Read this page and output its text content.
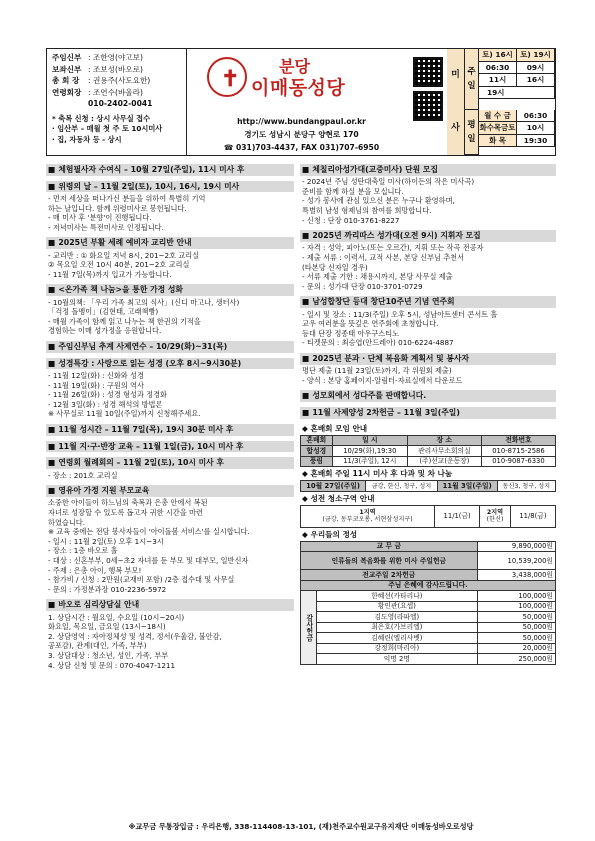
주임신부 : 조한영(야고보)
보좌신부 : 조보성(바오로)
총 회 장	: 권용주(사도요한)
연령회장 : 조연수(바울라)
010-2402-0041
* 축복 신청 : 상시 사무실 접수
· 임산부 – 매월 첫 주 토 10시미사
· 집, 자동차 등 - 상시
✝ 분당
이매동성당
http://www.bundangpaul.or.kr
경기도 성남시 분당구 양현로 170
☎ 031)703-4437, FAX 031)707-6950
미
사
주
일
토) 16시	토) 19시
06:30	09시
11시	16시
19시
평
일
월 수 금	06:30
화수목금토	10시
화 목	19:30
■ 체험필사자 수여식 – 10월 27일(주일), 11시 미사 후
■ 위령의 날 – 11월 2일(토), 10시, 16시, 19시 미사
- 먼저 세상을 떠나가신 분들을 위하여 특별히 기억
하는 날입니다. 함께 위령미사로 봉헌됩니다.
- 매 미사 후 '분향'이 진행됩니다.
- 저녁미사는 특전미사로 인정됩니다.
■ 2025년 부활 세례 예비자 교리반 안내
- 교리반 : ① 화요일 저녁 8시, 201~2호 교리실
② 목요일 오전 10시 40분, 201~2호 교리실
- 11월 7일(목)까지 입교가 가능합니다.
■ <온가족 책 나눔>을 통한 가정 성화
- 10월의책: 「우리 가족 최고의 식사」(신디 마고나, 생터사)
「걱정 돌멩이」(김현태, 고래책빵)
- 매월 가족이 함께 읽고 나누는 책 한권의 기적을
경험하는 이매 성가정을 응원합니다.
■ 주임신부님 추계 사제연수 – 10/29(화)~31(목)
■ 성경특강 : 사랑으로 읽는 성경 (오후 8시~9시30분)
- 11월 12일(화) : 신화와 성경
- 11월 19일(화) : 구원의 역사
- 11월 26일(화) : 성경 형성과 정경화
- 12월 3일(화) : 성경 해석의 방법론
※ 사무실로 11월 10일(주일)까지 신청해주세요.
■ 11월 성시간 – 11월 7일(목), 19시 30분 미사 후
■ 11월 지·구·반장 교육 – 11월 1일(금), 10시 미사 후
■ 연령회 월례회의 – 11월 2일(토), 10시 미사 후
- 장소 : 201호 교리실
■ 영유아 가정 지원 부모교육
소중한 아이들이 하느님의 축복과 은총 안에서 복된
자녀로 성장할 수 있도록 돕고자 귀한 시간을 마련
하였습니다.
※ 교육 중에는 전담 봉사자들이 '아이돌봄 서비스'를 실시합니다.
- 일시 : 11월 2일(토) 오후 1시~3시
- 장소 : 1층 바오로 홀
- 대상 : 신혼부부, 0세~초2 자녀를 둔 부모 및 대부모, 일반신자
- 주제 : 은총 아이, 행복 부모!
- 참가비 / 신청 : 2만원(교재비 포함) /2층 접수대 및 사무실
- 문의 : 가정분과장 010-2236-5972
■ 바오로 심리상담실 안내
1. 상담시간 : 월요일, 수요일 (10시~20시)
화요일, 목요일, 금요일 (13시~18시)
2. 상담영역 : 자아정체성 및 성격, 정서(우울감, 불안감,
공포감), 관계(대인, 가족, 부부)
3. 상담대상 : 청소년, 성인, 가족, 부부
4. 상담 신청 및 문의 : 070-4047-1211
■ 체칠리아성가대(교중미사) 단원 모집
- 2024년 주님 성탄대축일 미사(하이든의 작은 미사곡)
준비를 함께 하실 분을 모십니다.
- 성가 봉사에 관심 있으신 분은 누구나 환영하며,
특별히 남성 형제님의 참여를 희망합니다.
- 신청 : 단장 010-3761-8227
■ 2025년 까리따스 성가대(오전 9시) 지휘자 모집
- 자격 : 성악, 피아노(또는 오르간), 지휘 또는 작곡 전공자
- 제출 서류 : 이력서, 교적 사본, 본당 신부님 추천서
(타본당 신자일 경우)
- 서류 제출 기한 : 채용시까지, 본당 사무실 제출
- 문의 : 성가대 단장 010-3701-0729
■ 남성합창단 등대 창단10주년 기념 연주회
- 일시 및 장소 : 11/3(주일) 오후 5시, 성남아트센터 콘서트 홀
교우 여러분을 뜻깊은 연주회에 초청합니다.
등대 단장 정종태 아우구스티노
- 티켓문의 : 최승엽(안드레아) 010-6224-4887
■ 2025년 분과 · 단체 복음화 계획서 및 봉사자
명단 제출 (11월 23일(토)까지, 각 위원회 제출)
- 양식 : 본당 홈페이지-알림터-자료실에서 다운로드
■ 성모회에서 성다주를 판매합니다.
■ 11월 사제양성 2차헌금 – 11월 3일(주일)
◆ 혼배회 모임 안내
혼배회	일 시	장 소	전화번호
합성경	10/29(화),19:30	관리사무소회의실	010-8715-2586
풍림	11/3(주일), 12시	(주)선교(운동장)	010-9087-6330
◆ 혼배회 주일 11시 미사 후 다과 및 차 나눔
10월 27일(주일)	금강, 한신, 청구, 성지	11월 3일(주일)	동신3, 청구, 성지
◆ 성전 청소구역 안내
1지역
(금강, 동부코오롱, 서현삼성지구)	11/1(금)	2지역
(한신)	11/8(금)
◆ 우리들의 정성
교 무 금		9,890,000원
인류들의 복음화를 위한 미사 주일헌금		10,539,200원
전교주일 2차헌금		3,438,000원
주님 은혜에 감사드립니다.		
감사헌금	한혜선(카타리나)	100,000원
	황인관(요셉)	100,000원
	김도영(라파엘)	50,000원
	최은호(가브리엘)	50,000원
	김혜린(엘리사벳)	50,000원
	강정희(마리아)	20,000원
	익명 2명	250,000원
※교무금 무통장입금 : 우리은행, 338-114408-13-101, (재)천주교수원교구유지재단 이매동성바오로성당
